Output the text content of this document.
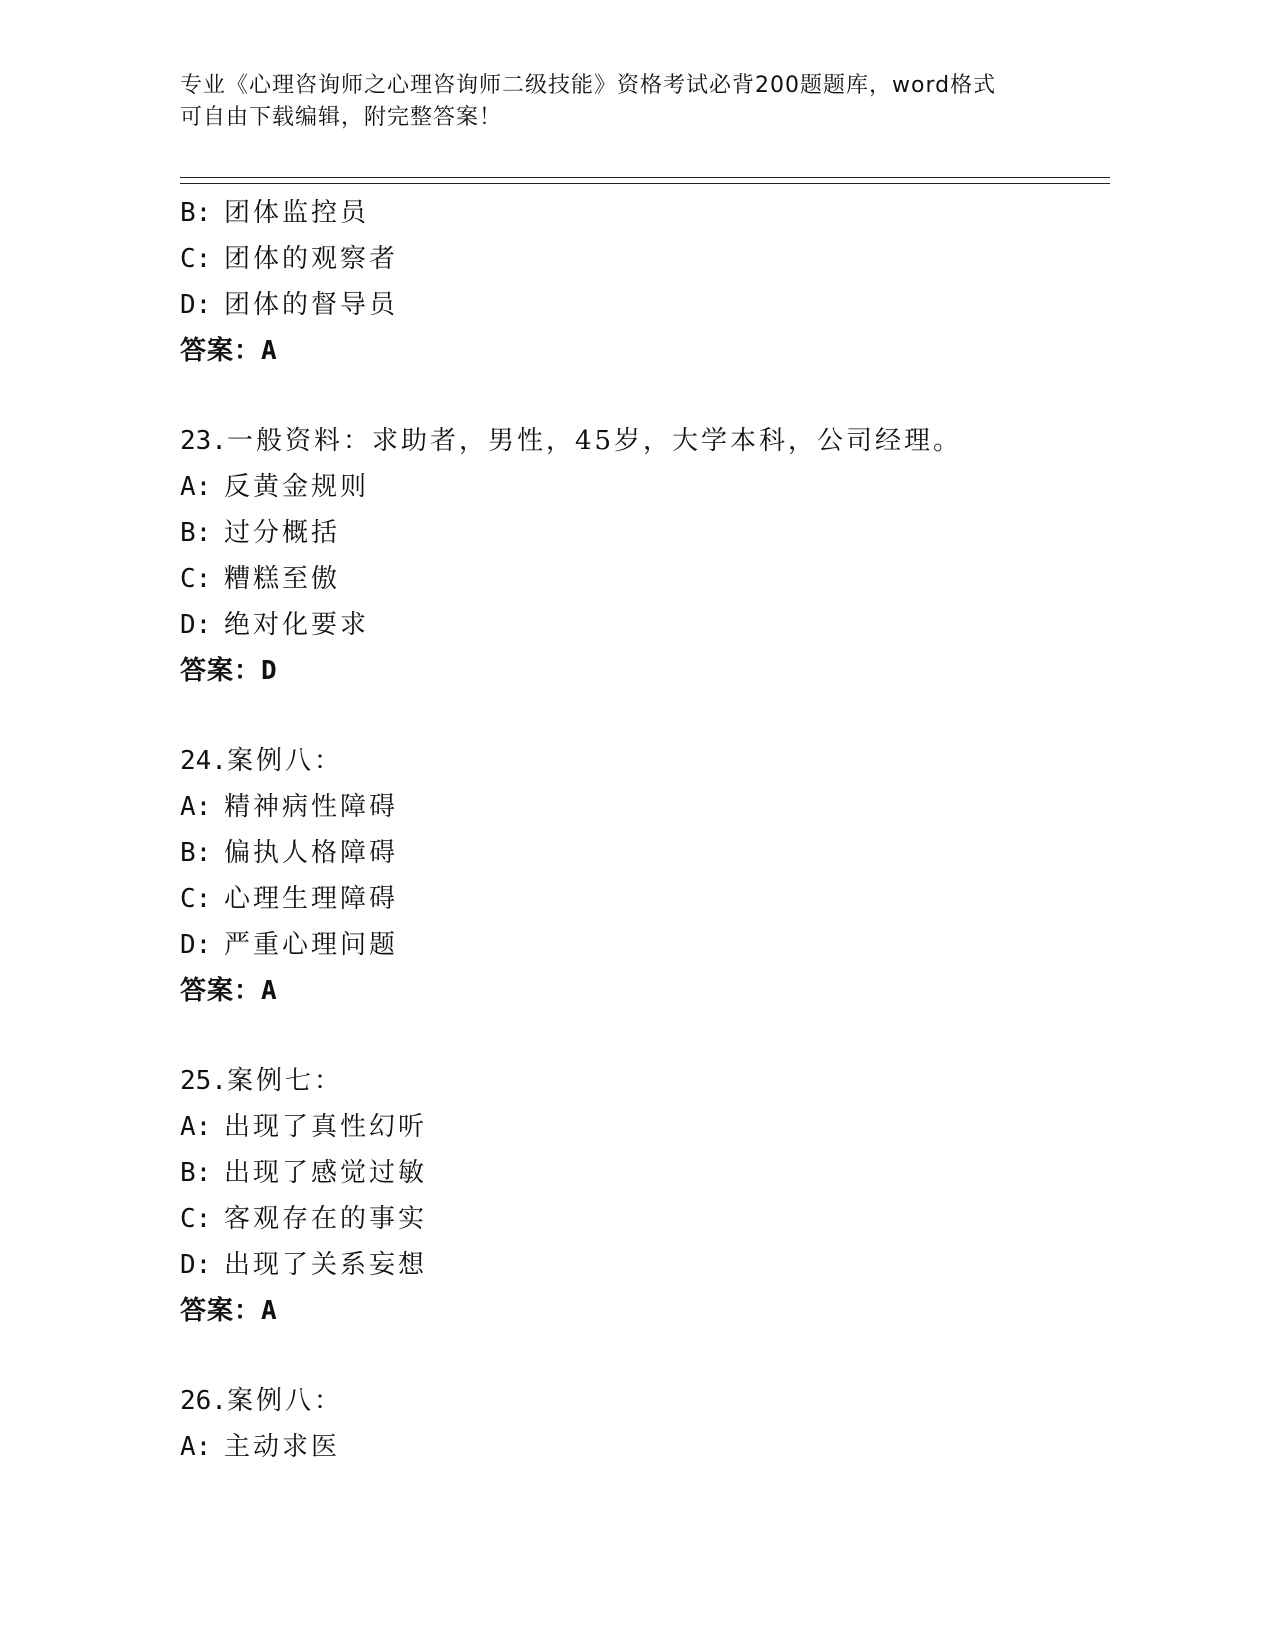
专业《心理咨询师之心理咨询师二级技能》资格考试必背200题题库，word格式
可自由下载编辑，附完整答案！
B: 团体监控员
C: 团体的观察者
D: 团体的督导员
答案：A
23.一般资料：求助者，男性，45岁，大学本科，公司经理。
A: 反黄金规则
B: 过分概括
C: 糟糕至傲
D: 绝对化要求
答案：D
24.案例八：
A: 精神病性障碍
B: 偏执人格障碍
C: 心理生理障碍
D: 严重心理问题
答案：A
25.案例七：
A: 出现了真性幻听
B: 出现了感觉过敏
C: 客观存在的事实
D: 出现了关系妄想
答案：A
26.案例八：
A: 主动求医
